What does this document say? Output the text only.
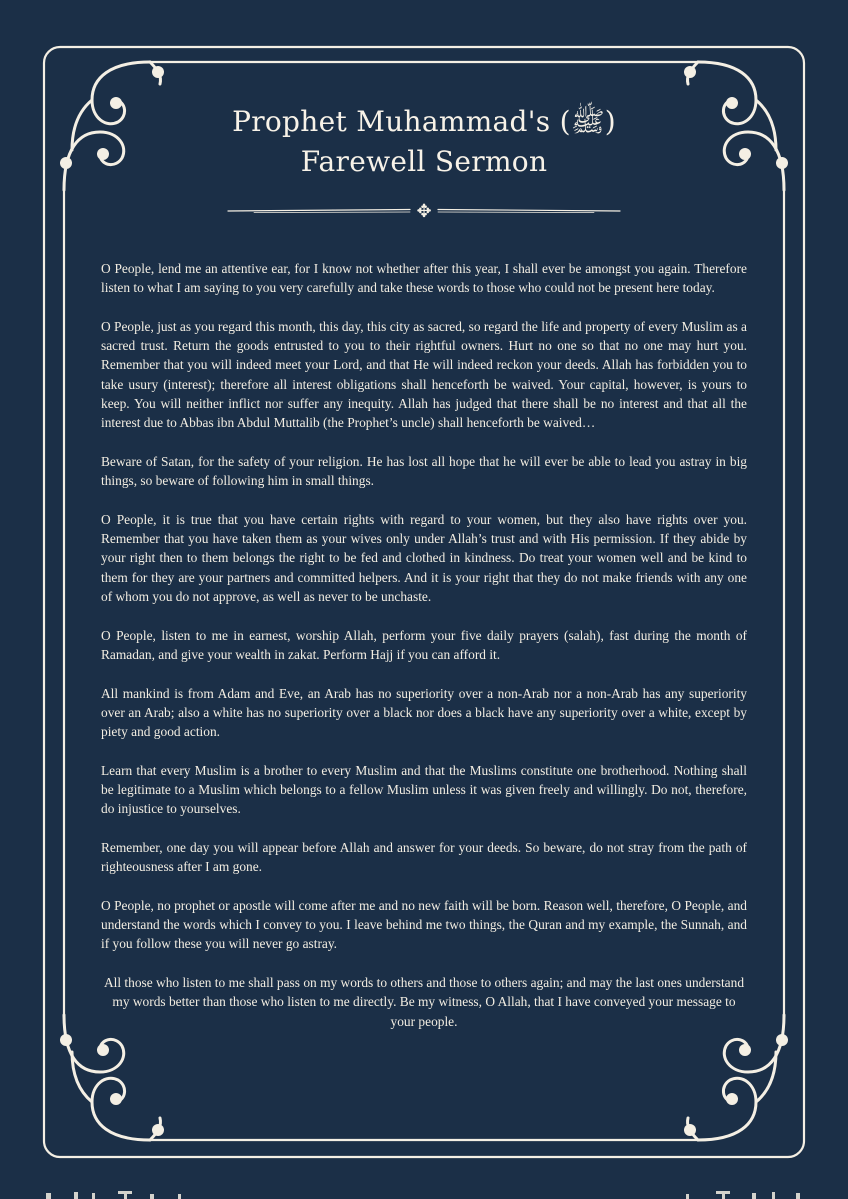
Prophet Muhammad's (ﷺ)
Farewell Sermon
✥

O People, lend me an attentive ear, for I know not whether after this year, I shall ever be amongst you again. Therefore listen to what I am saying to you very carefully and take these words to those who could not be present here today.

O People, just as you regard this month, this day, this city as sacred, so regard the life and property of every Muslim as a sacred trust. Return the goods entrusted to you to their rightful owners. Hurt no one so that no one may hurt you. Remember that you will indeed meet your Lord, and that He will indeed reckon your deeds. Allah has forbidden you to take usury (interest); therefore all interest obligations shall henceforth be waived. Your capital, however, is yours to keep. You will neither inflict nor suffer any inequity. Allah has judged that there shall be no interest and that all the interest due to Abbas ibn Abdul Muttalib (the Prophet’s uncle) shall henceforth be waived…

Beware of Satan, for the safety of your religion. He has lost all hope that he will ever be able to lead you astray in big things, so beware of following him in small things.

O People, it is true that you have certain rights with regard to your women, but they also have rights over you. Remember that you have taken them as your wives only under Allah’s trust and with His permission. If they abide by your right then to them belongs the right to be fed and clothed in kindness. Do treat your women well and be kind to them for they are your partners and committed helpers. And it is your right that they do not make friends with any one of whom you do not approve, as well as never to be unchaste.

O People, listen to me in earnest, worship Allah, perform your five daily prayers (salah), fast during the month of Ramadan, and give your wealth in zakat. Perform Hajj if you can afford it.

All mankind is from Adam and Eve, an Arab has no superiority over a non-Arab nor a non-Arab has any superiority over an Arab; also a white has no superiority over a black nor does a black have any superiority over a white, except by piety and good action.

Learn that every Muslim is a brother to every Muslim and that the Muslims constitute one brotherhood. Nothing shall be legitimate to a Muslim which belongs to a fellow Muslim unless it was given freely and willingly. Do not, therefore, do injustice to yourselves.

Remember, one day you will appear before Allah and answer for your deeds. So beware, do not stray from the path of righteousness after I am gone.

O People, no prophet or apostle will come after me and no new faith will be born. Reason well, therefore, O People, and understand the words which I convey to you. I leave behind me two things, the Quran and my example, the Sunnah, and if you follow these you will never go astray.

All those who listen to me shall pass on my words to others and those to others again; and may the last ones understand my words better than those who listen to me directly. Be my witness, O Allah, that I have conveyed your message to your people.
